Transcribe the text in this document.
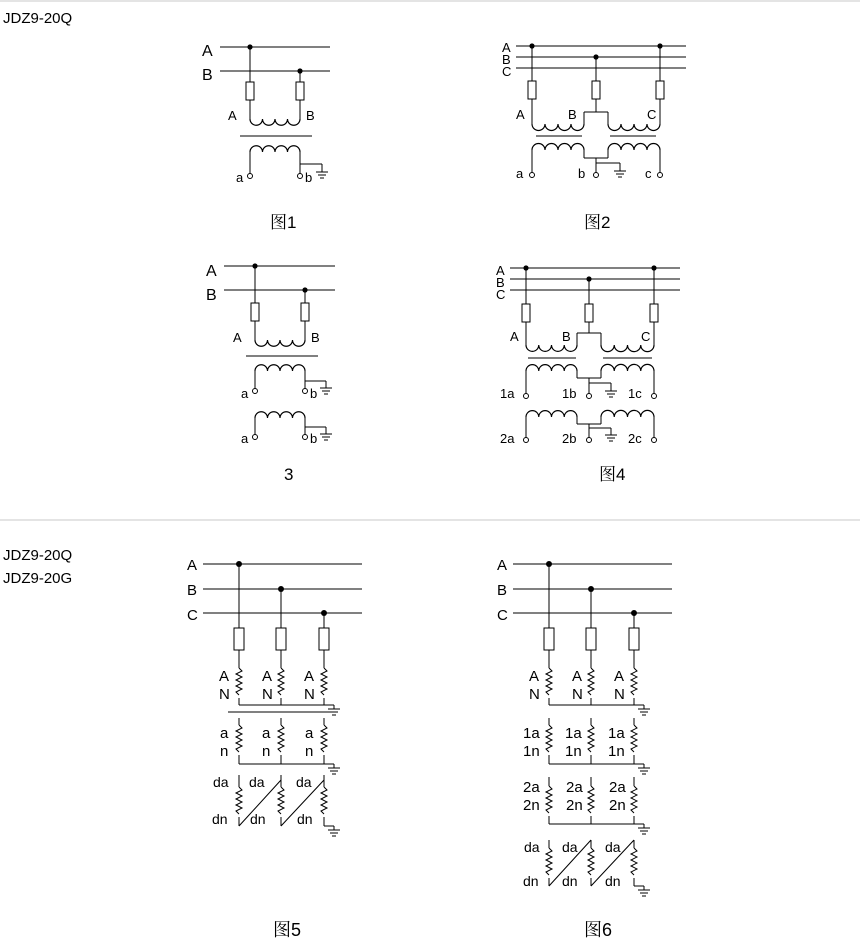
JDZ9-20Q
JDZ9-20Q
JDZ9-20G
A
B
A	B
a	b
图1
A
B
C
A	B	C
a	b	c
图2
A
B
A	B
a	b
a	b
3
A
B
C
A	B	C
1a	1b	1c
2a	2b	2c
图4
A
B
C
A A A
N N N
a a a
n n n
da da da
dn dn dn
图5
A
B
C
A A A
N N N
1a 1a 1a
1n 1n 1n
2a 2a 2a
2n 2n 2n
da da da
dn dn dn
图6
